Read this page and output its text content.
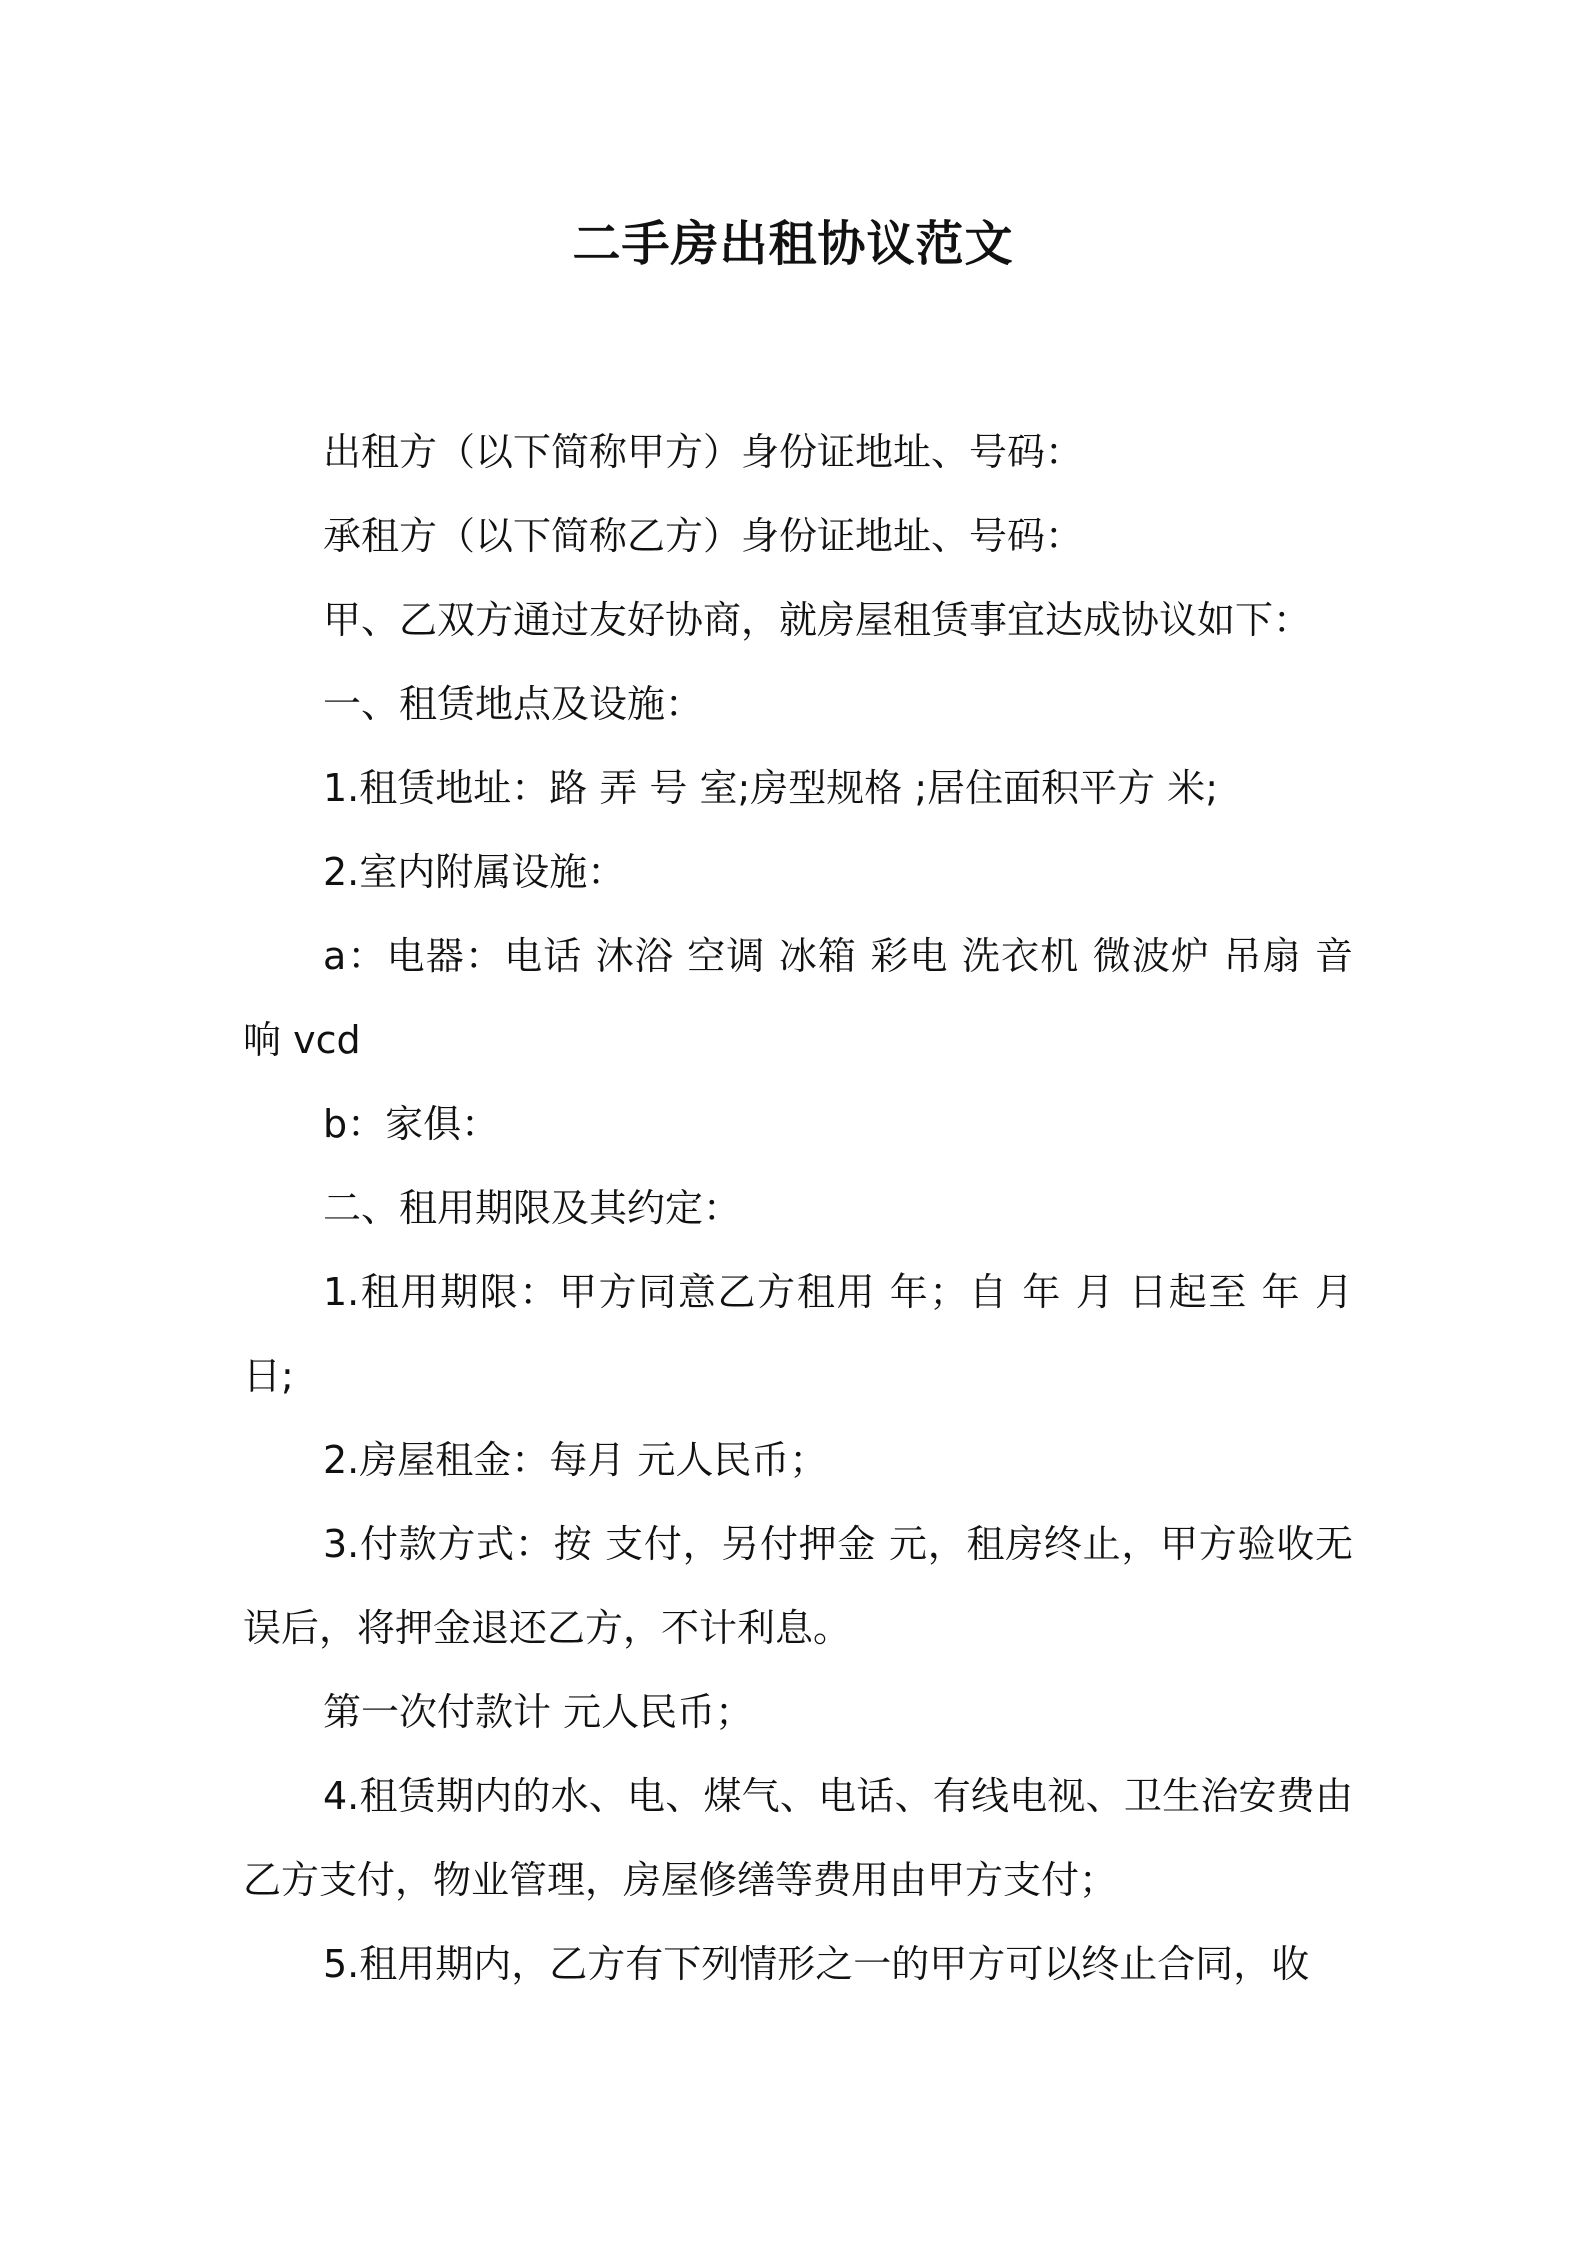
二手房出租协议范文

出租方（以下简称甲方）身份证地址、号码：

承租方（以下简称乙方）身份证地址、号码：

甲、乙双方通过友好协商，就房屋租赁事宜达成协议如下：

一、租赁地点及设施：

1.租赁地址：路 弄 号 室;房型规格 ;居住面积平方 米;

2.室内附属设施：

a：电器：电话 沐浴 空调 冰箱 彩电 洗衣机 微波炉 吊扇 音响 vcd

b：家俱：

二、租用期限及其约定：

1.租用期限：甲方同意乙方租用 年；自 年 月 日起至 年 月 日;

2.房屋租金：每月 元人民币；

3.付款方式：按 支付，另付押金 元，租房终止，甲方验收无误后，将押金退还乙方，不计利息。

第一次付款计 元人民币；

4.租赁期内的水、电、煤气、电话、有线电视、卫生治安费由乙方支付，物业管理，房屋修缮等费用由甲方支付；

5.租用期内，乙方有下列情形之一的甲方可以终止合同，收
